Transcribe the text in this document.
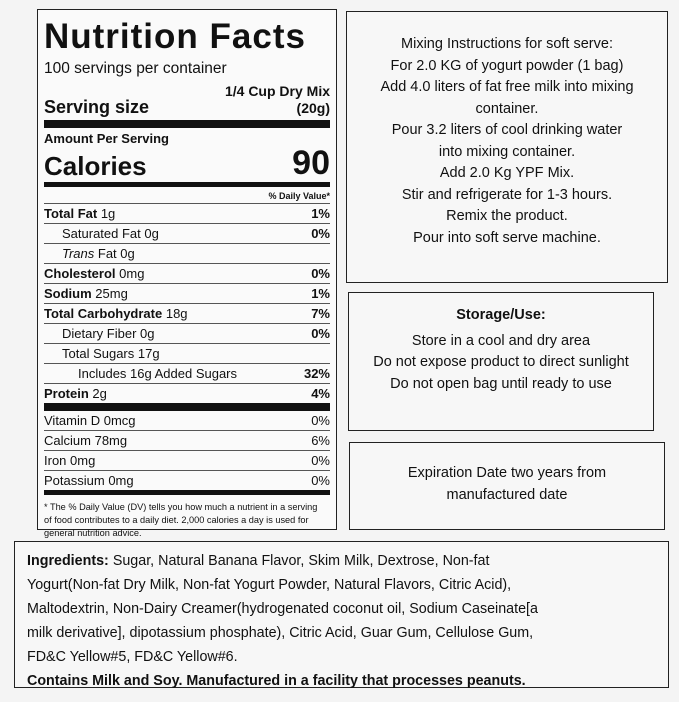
Nutrition Facts
100 servings per container
Serving size
1/4 Cup Dry Mix
(20g)
Amount Per Serving
Calories	90
% Daily Value*
Total Fat 1g	1%
Saturated Fat 0g	0%
Trans Fat 0g
Cholesterol 0mg	0%
Sodium 25mg	1%
Total Carbohydrate 18g	7%
Dietary Fiber 0g	0%
Total Sugars 17g
Includes 16g Added Sugars	32%
Protein 2g	4%
Vitamin D 0mcg	0%
Calcium 78mg	6%
Iron 0mg	0%
Potassium 0mg	0%
* The % Daily Value (DV) tells you how much a nutrient in a serving of food contributes to a daily diet. 2,000 calories a day is used for general nutrition advice.
Mixing Instructions for soft serve:
For 2.0 KG of yogurt powder (1 bag)
Add 4.0 liters of fat free milk into mixing
container.
Pour 3.2 liters of cool drinking water
into mixing container.
Add 2.0 Kg YPF Mix.
Stir and refrigerate for 1-3 hours.
Remix the product.
Pour into soft serve machine.
Storage/Use:
Store in a cool and dry area
Do not expose product to direct sunlight
Do not open bag until ready to use
Expiration Date two years from
manufactured date
Ingredients: Sugar, Natural Banana Flavor, Skim Milk, Dextrose, Non-fat
Yogurt(Non-fat Dry Milk, Non-fat Yogurt Powder, Natural Flavors, Citric Acid),
Maltodextrin, Non-Dairy Creamer(hydrogenated coconut oil, Sodium Caseinate[a
milk derivative], dipotassium phosphate), Citric Acid, Guar Gum, Cellulose Gum,
FD&C Yellow#5, FD&C Yellow#6.
Contains Milk and Soy. Manufactured in a facility that processes peanuts.
